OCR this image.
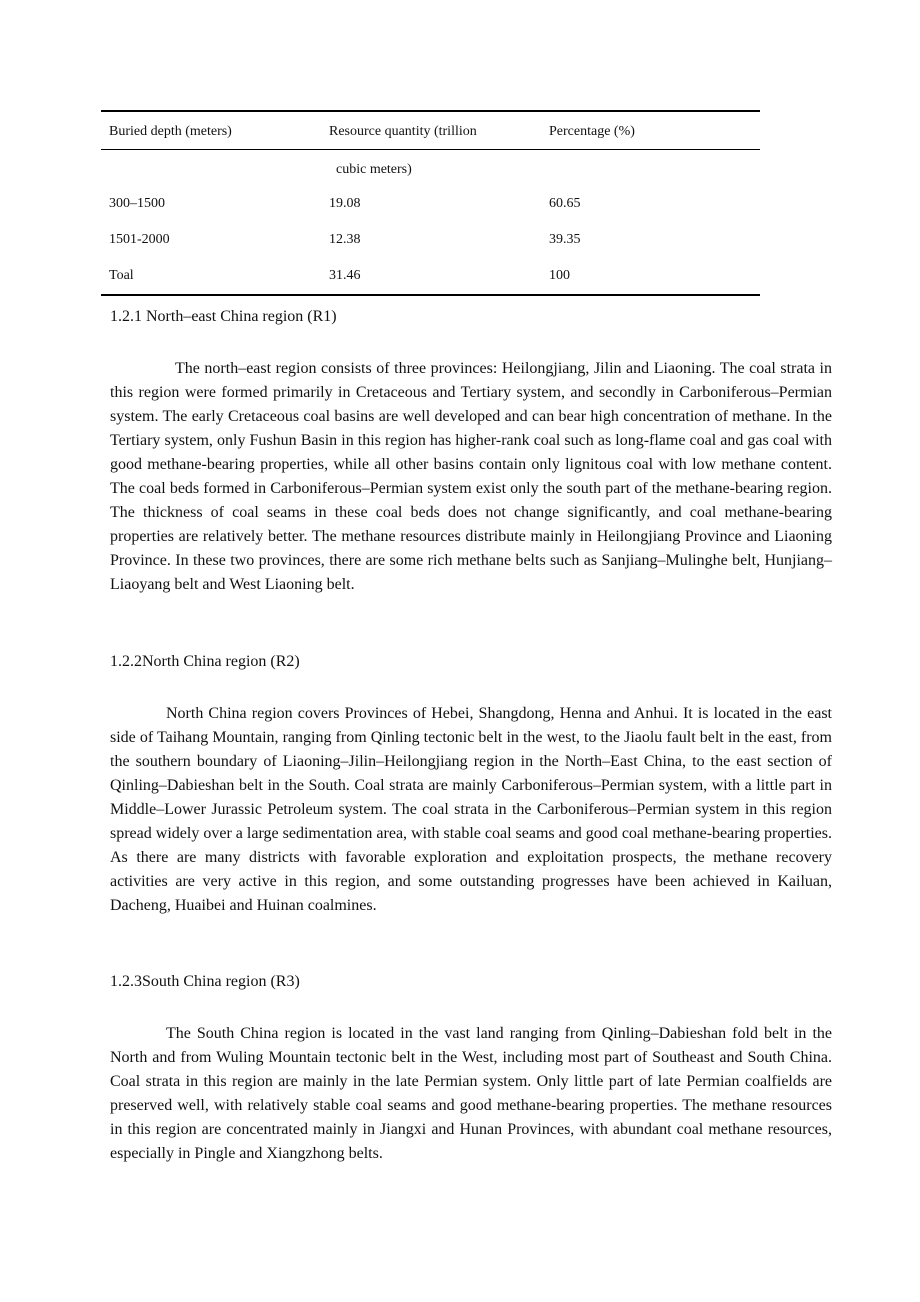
Buried depth (meters)	Resource quantity (trillion	Percentage (%)
cubic meters)
300–1500	19.08	60.65
1501-2000	12.38	39.35
Toal	31.46	100
1.2.1 North–east China region (R1)

The north–east region consists of three provinces: Heilongjiang, Jilin and Liaoning. The coal strata in this region were formed primarily in Cretaceous and Tertiary system, and secondly in Carboniferous–Permian system. The early Cretaceous coal basins are well developed and can bear high concentration of methane. In the Tertiary system, only Fushun Basin in this region has higher-rank coal such as long-flame coal and gas coal with good methane-bearing properties, while all other basins contain only lignitous coal with low methane content. The coal beds formed in Carboniferous–Permian system exist only the south part of the methane-bearing region. The thickness of coal seams in these coal beds does not change significantly, and coal methane-bearing properties are relatively better. The methane resources distribute mainly in Heilongjiang Province and Liaoning Province. In these two provinces, there are some rich methane belts such as Sanjiang–Mulinghe belt, Hunjiang–Liaoyang belt and West Liaoning belt.

1.2.2North China region (R2)

North China region covers Provinces of Hebei, Shangdong, Henna and Anhui. It is located in the east side of Taihang Mountain, ranging from Qinling tectonic belt in the west, to the Jiaolu fault belt in the east, from the southern boundary of Liaoning–Jilin–Heilongjiang region in the North–East China, to the east section of Qinling–Dabieshan belt in the South. Coal strata are mainly Carboniferous–Permian system, with a little part in Middle–Lower Jurassic Petroleum system. The coal strata in the Carboniferous–Permian system in this region spread widely over a large sedimentation area, with stable coal seams and good coal methane-bearing properties. As there are many districts with favorable exploration and exploitation prospects, the methane recovery activities are very active in this region, and some outstanding progresses have been achieved in Kailuan, Dacheng, Huaibei and Huinan coalmines.

1.2.3South China region (R3)

The South China region is located in the vast land ranging from Qinling–Dabieshan fold belt in the North and from Wuling Mountain tectonic belt in the West, including most part of Southeast and South China. Coal strata in this region are mainly in the late Permian system. Only little part of late Permian coalfields are preserved well, with relatively stable coal seams and good methane-bearing properties. The methane resources in this region are concentrated mainly in Jiangxi and Hunan Provinces, with abundant coal methane resources, especially in Pingle and Xiangzhong belts.
